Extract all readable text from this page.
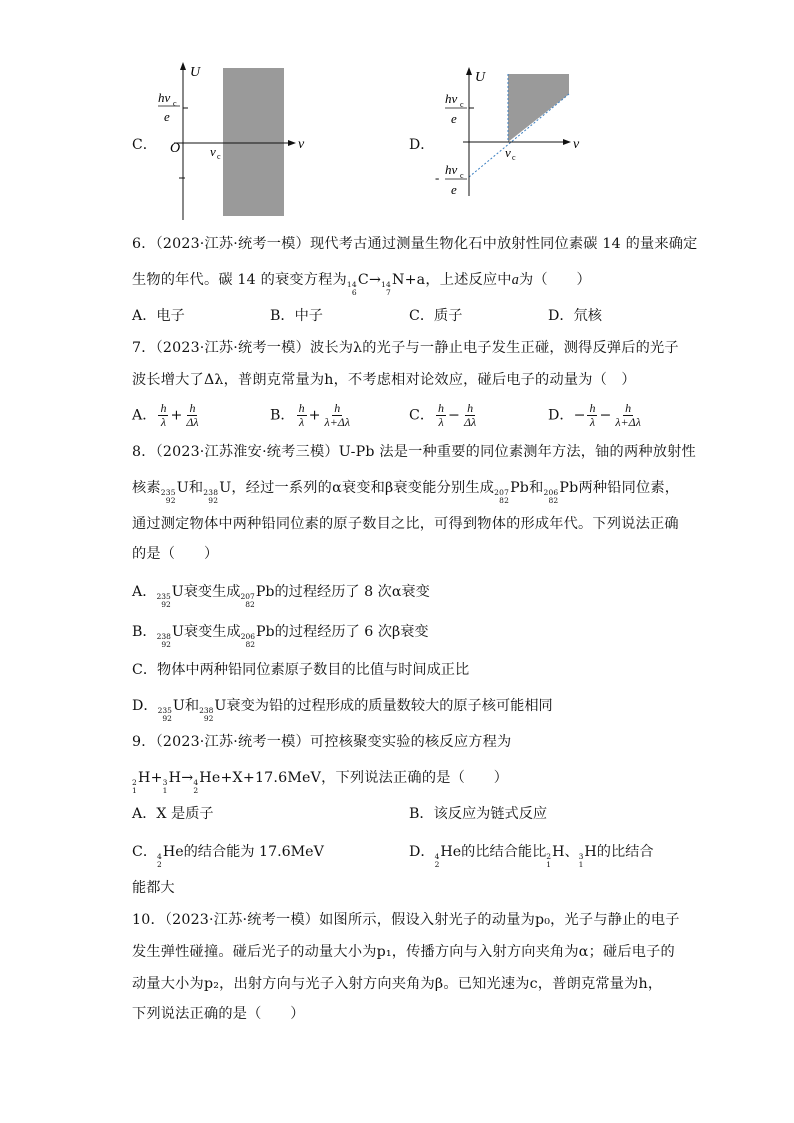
C．
U
ν
O
hν c
e
ν c
D．
U
ν
hν c
e
-
hν c
e
ν c
6．（2023·江苏·统考一模）现代考古通过测量生物化石中放射性同位素碳 14 的量来确定
生物的年代。碳 14 的衰变方程为 14
6
C→ 14
7
N+a，上述反应中a为（　　）
A．电子	B．中子	C．质子	D．氘核
7．（2023·江苏·统考一模）波长为λ的光子与一静止电子发生正碰，测得反弹后的光子
波长增大了Δλ，普朗克常量为h，不考虑相对论效应，碰后电子的动量为（　）
A． $\frac{h}{\lambda} + \frac{h}{\Delta\lambda}$	B． $\frac{h}{\lambda} + \frac{h}{\lambda+\Delta\lambda}$	C． $\frac{h}{\lambda} - \frac{h}{\Delta\lambda}$	D．− $\frac{h}{\lambda} - \frac{h}{\lambda+\Delta\lambda}$
8．（2023·江苏淮安·统考三模）U-Pb 法是一种重要的同位素测年方法，铀的两种放射性
核素 235
92
U和 238
92
U，经过一系列的α衰变和β衰变能分别生成 207
82
Pb和 206
82
Pb两种铅同位素，
通过测定物体中两种铅同位素的原子数目之比，可得到物体的形成年代。下列说法正确
的是（　　）
A． 235
92
U衰变生成 207
82
Pb的过程经历了 8 次α衰变
B． 238
92
U衰变生成 206
82
Pb的过程经历了 6 次β衰变
C．物体中两种铅同位素原子数目的比值与时间成正比
D． 235
92
U和 238
92
U衰变为铅的过程形成的质量数较大的原子核可能相同
9．（2023·江苏·统考一模）可控核聚变实验的核反应方程为
2
1
H+ 3
1
H→ 4
2
He+X+17.6MeV，下列说法正确的是（　　）
A．X 是质子	B．该反应为链式反应
C． 4
2
He的结合能为 17.6MeV	D． 4
2
He的比结合能比 2
1
H、 3
1
H的比结合
能都大
10．（2023·江苏·统考一模）如图所示，假设入射光子的动量为p₀，光子与静止的电子
发生弹性碰撞。碰后光子的动量大小为p₁，传播方向与入射方向夹角为α；碰后电子的
动量大小为p₂，出射方向与光子入射方向夹角为β。已知光速为c，普朗克常量为h，
下列说法正确的是（　　）
